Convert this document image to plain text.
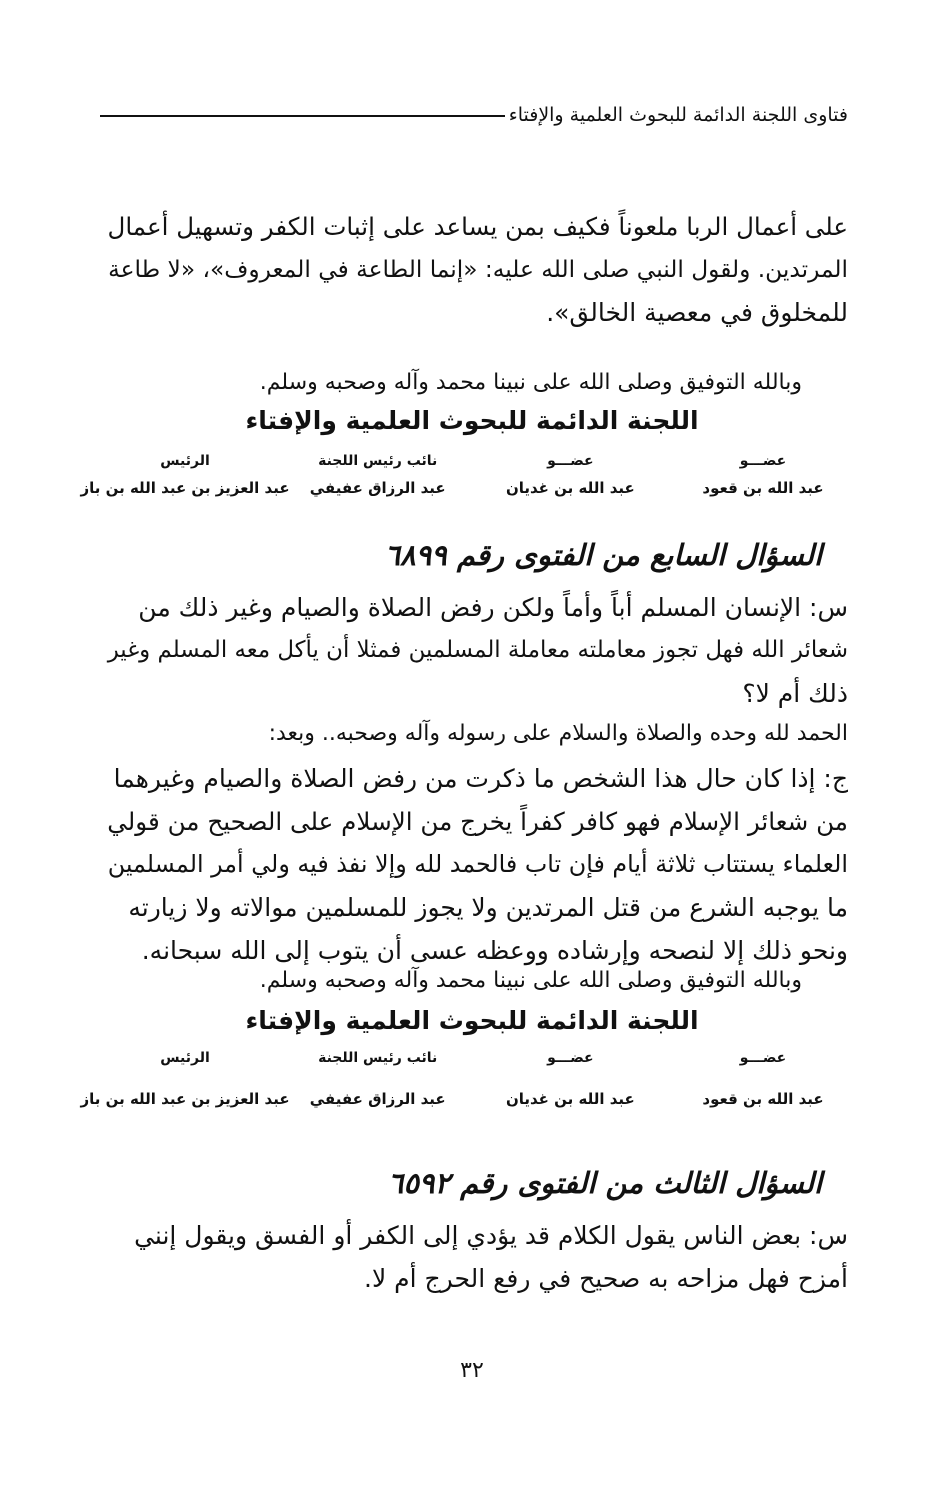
فتاوى اللجنة الدائمة للبحوث العلمية والإفتاء
على أعمال الربا ملعوناً فكيف بمن يساعد على إثبات الكفر وتسهيل أعمال
المرتدين. ولقول النبي صلى الله عليه: «إنما الطاعة في المعروف»، «لا طاعة
للمخلوق في معصية الخالق».
وبالله التوفيق وصلى الله على نبينا محمد وآله وصحبه وسلم.
اللجنة الدائمة للبحوث العلمية والإفتاء
عضـــو
عبد الله بن قعود
عضـــو
عبد الله بن غديان
نائب رئيس اللجنة
عبد الرزاق عفيفي
الرئيس
عبد العزيز بن عبد الله بن باز
السؤال السابع من الفتوى رقم ٦٨٩٩
س: الإنسان المسلم أباً وأماً ولكن رفض الصلاة والصيام وغير ذلك من
شعائر الله فهل تجوز معاملته معاملة المسلمين فمثلا أن يأكل معه المسلم وغير
ذلك أم لا؟
الحمد لله وحده والصلاة والسلام على رسوله وآله وصحبه.. وبعد:
ج: إذا كان حال هذا الشخص ما ذكرت من رفض الصلاة والصيام وغيرهما
من شعائر الإسلام فهو كافر كفراً يخرج من الإسلام على الصحيح من قولي
العلماء يستتاب ثلاثة أيام فإن تاب فالحمد لله وإلا نفذ فيه ولي أمر المسلمين
ما يوجبه الشرع من قتل المرتدين ولا يجوز للمسلمين موالاته ولا زيارته
ونحو ذلك إلا لنصحه وإرشاده ووعظه عسى أن يتوب إلى الله سبحانه.
وبالله التوفيق وصلى الله على نبينا محمد وآله وصحبه وسلم.
اللجنة الدائمة للبحوث العلمية والإفتاء
عضـــو
عبد الله بن قعود
عضـــو
عبد الله بن غديان
نائب رئيس اللجنة
عبد الرزاق عفيفي
الرئيس
عبد العزيز بن عبد الله بن باز
السؤال الثالث من الفتوى رقم ٦٥٩٢
س: بعض الناس يقول الكلام قد يؤدي إلى الكفر أو الفسق ويقول إنني
أمزح فهل مزاحه به صحيح في رفع الحرج أم لا.
٣٢
